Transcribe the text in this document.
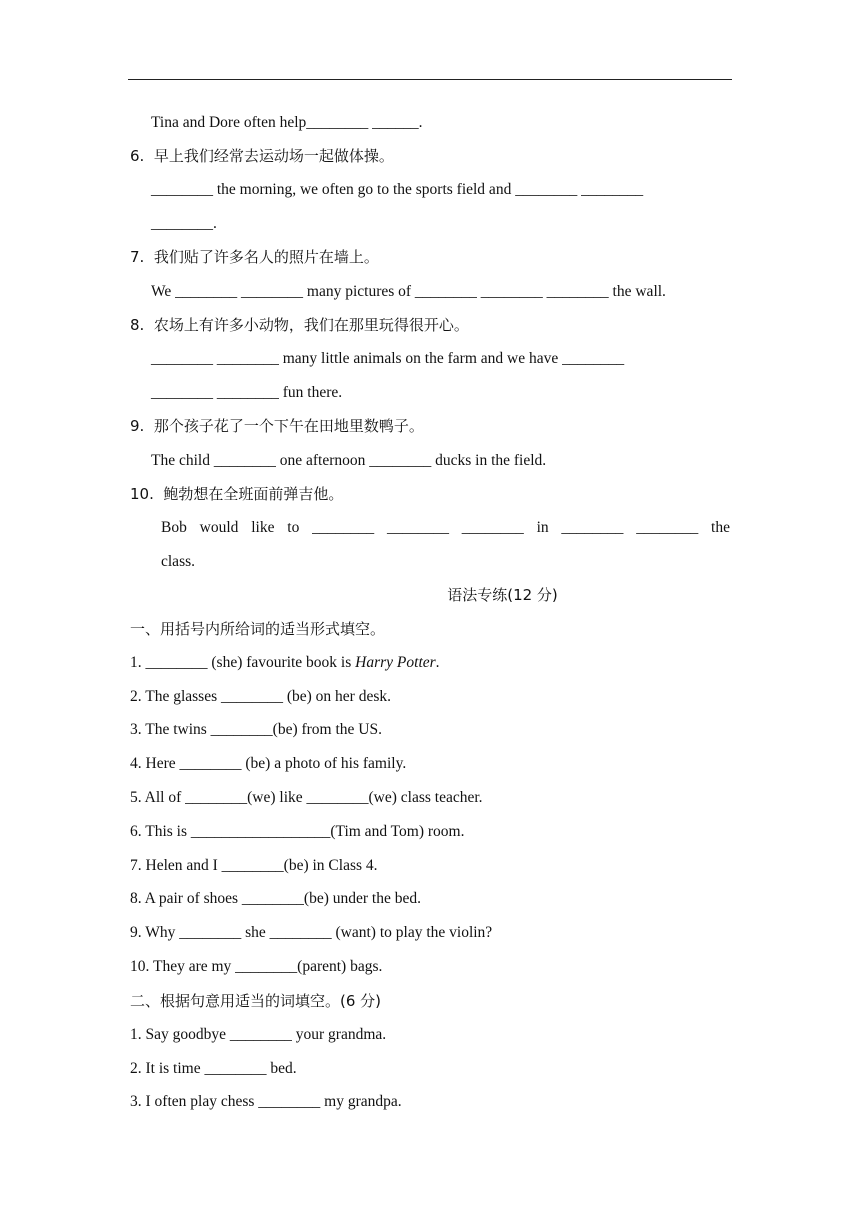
Tina and Dore often help________ ______.
6.  早上我们经常去运动场一起做体操。
________ the morning, we often go to the sports field and ________ ________
________.
7.  我们贴了许多名人的照片在墙上。
We ________ ________ many pictures of ________ ________ ________ the wall.
8.  农场上有许多小动物，我们在那里玩得很开心。
________ ________ many little animals on the farm and we have ________
________ ________ fun there.
9.  那个孩子花了一个下午在田地里数鸭子。
The child ________ one afternoon ________ ducks in the field.
10.  鲍勃想在全班面前弹吉他。
Bob would like to ________ ________ ________ in ________ ________ the
class.
语法专练(12 分)
一、用括号内所给词的适当形式填空。
1. ________ (she) favourite book is Harry Potter.
2. The glasses ________ (be) on her desk.
3. The twins ________(be) from the US.
4. Here ________ (be) a photo of his family.
5. All of ________(we) like ________(we) class teacher.
6. This is __________________(Tim and Tom) room.
7. Helen and I ________(be) in Class 4.
8. A pair of shoes ________(be) under the bed.
9. Why ________ she ________ (want) to play the violin?
10. They are my ________(parent) bags.
二、根据句意用适当的词填空。(6 分)
1. Say goodbye ________ your grandma.
2. It is time ________ bed.
3. I often play chess ________ my grandpa.
